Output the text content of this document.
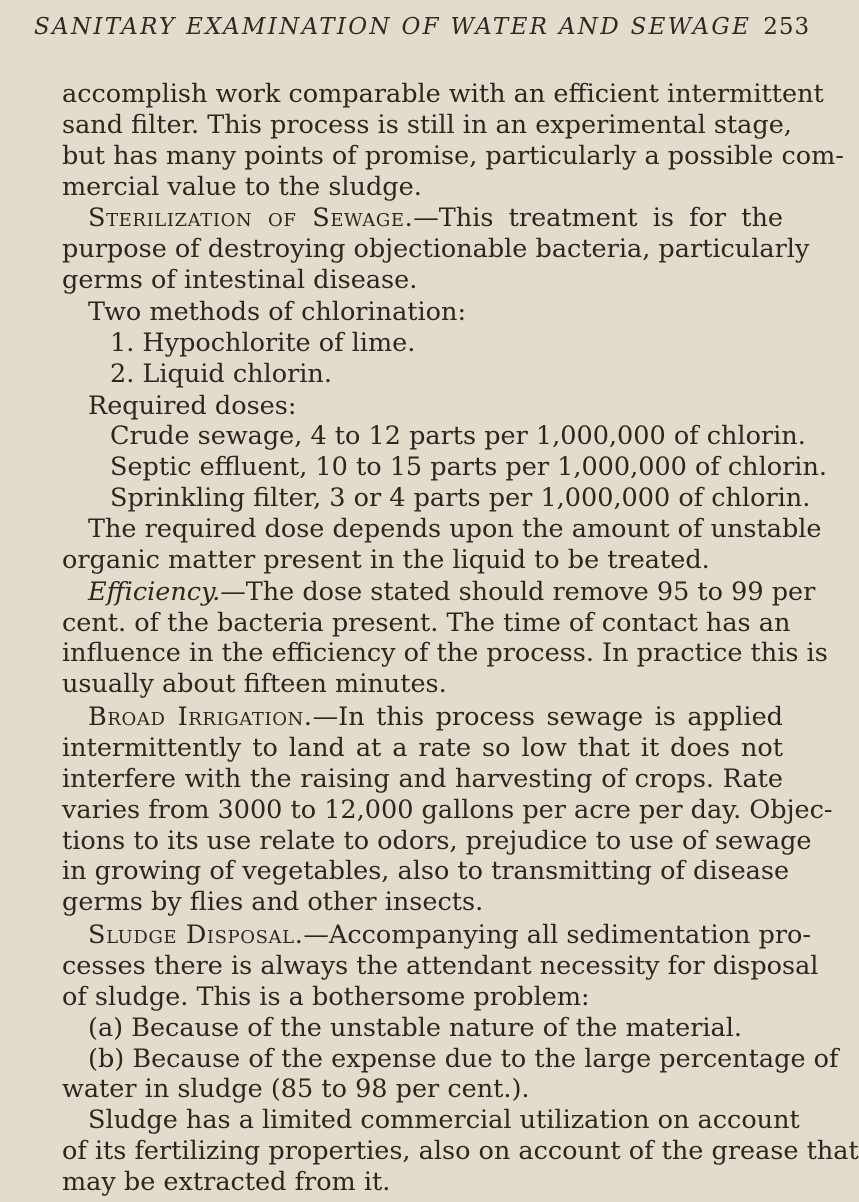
SANITARY EXAMINATION OF WATER AND SEWAGE 253
accomplish work comparable with an efficient intermittent
sand filter. This process is still in an experimental stage,
but has many points of promise, particularly a possible com-
mercial value to the sludge.
Sterilization of Sewage.—This treatment is for the
purpose of destroying objectionable bacteria, particularly
germs of intestinal disease.
Two methods of chlorination:
1. Hypochlorite of lime.
2. Liquid chlorin.
Required doses:
Crude sewage, 4 to 12 parts per 1,000,000 of chlorin.
Septic effluent, 10 to 15 parts per 1,000,000 of chlorin.
Sprinkling filter, 3 or 4 parts per 1,000,000 of chlorin.
The required dose depends upon the amount of unstable
organic matter present in the liquid to be treated.
Efficiency.—The dose stated should remove 95 to 99 per
cent. of the bacteria present. The time of contact has an
influence in the efficiency of the process. In practice this is
usually about fifteen minutes.
Broad Irrigation.—In this process sewage is applied
intermittently to land at a rate so low that it does not
interfere with the raising and harvesting of crops. Rate
varies from 3000 to 12,000 gallons per acre per day. Objec-
tions to its use relate to odors, prejudice to use of sewage
in growing of vegetables, also to transmitting of disease
germs by flies and other insects.
Sludge Disposal.—Accompanying all sedimentation pro-
cesses there is always the attendant necessity for disposal
of sludge. This is a bothersome problem:
(a) Because of the unstable nature of the material.
(b) Because of the expense due to the large percentage of
water in sludge (85 to 98 per cent.).
Sludge has a limited commercial utilization on account
of its fertilizing properties, also on account of the grease that
may be extracted from it.
